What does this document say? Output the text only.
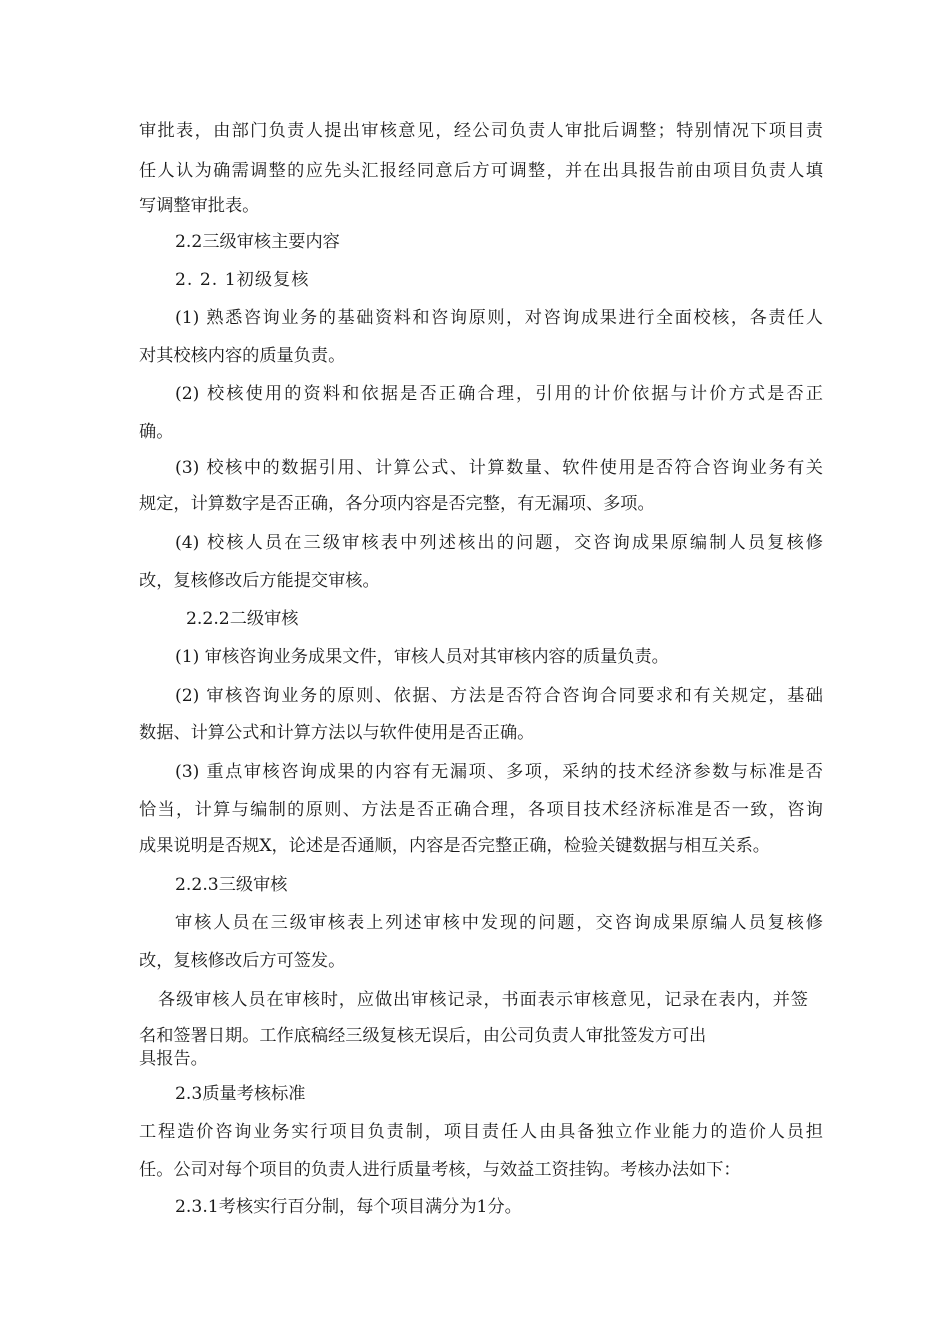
审批表，由部门负责人提出审核意见，经公司负责人审批后调整；特别情况下项目责
任人认为确需调整的应先头汇报经同意后方可调整，并在出具报告前由项目负责人填
写调整审批表。
2.2三级审核主要内容
2. 2. 1初级复核
(1) 熟悉咨询业务的基础资料和咨询原则，对咨询成果进行全面校核，各责任人
对其校核内容的质量负责。
(2) 校核使用的资料和依据是否正确合理，引用的计价依据与计价方式是否正
确。
(3) 校核中的数据引用、计算公式、计算数量、软件使用是否符合咨询业务有关
规定，计算数字是否正确，各分项内容是否完整，有无漏项、多项。
(4) 校核人员在三级审核表中列述核出的问题，交咨询成果原编制人员复核修
改，复核修改后方能提交审核。
2.2.2二级审核
(1) 审核咨询业务成果文件，审核人员对其审核内容的质量负责。
(2) 审核咨询业务的原则、依据、方法是否符合咨询合同要求和有关规定，基础
数据、计算公式和计算方法以与软件使用是否正确。
(3) 重点审核咨询成果的内容有无漏项、多项，采纳的技术经济参数与标准是否
恰当，计算与编制的原则、方法是否正确合理，各项目技术经济标准是否一致，咨询
成果说明是否规X，论述是否通顺，内容是否完整正确，检验关键数据与相互关系。
2.2.3三级审核
审核人员在三级审核表上列述审核中发现的问题，交咨询成果原编人员复核修
改，复核修改后方可签发。
各级审核人员在审核时，应做出审核记录，书面表示审核意见，记录在表内，并签
名和签署日期。工作底稿经三级复核无误后，由公司负责人审批签发方可出
具报告。
2.3质量考核标准
工程造价咨询业务实行项目负责制，项目责任人由具备独立作业能力的造价人员担
任。公司对每个项目的负责人进行质量考核，与效益工资挂钩。考核办法如下：
2.3.1考核实行百分制，每个项目满分为1分。
